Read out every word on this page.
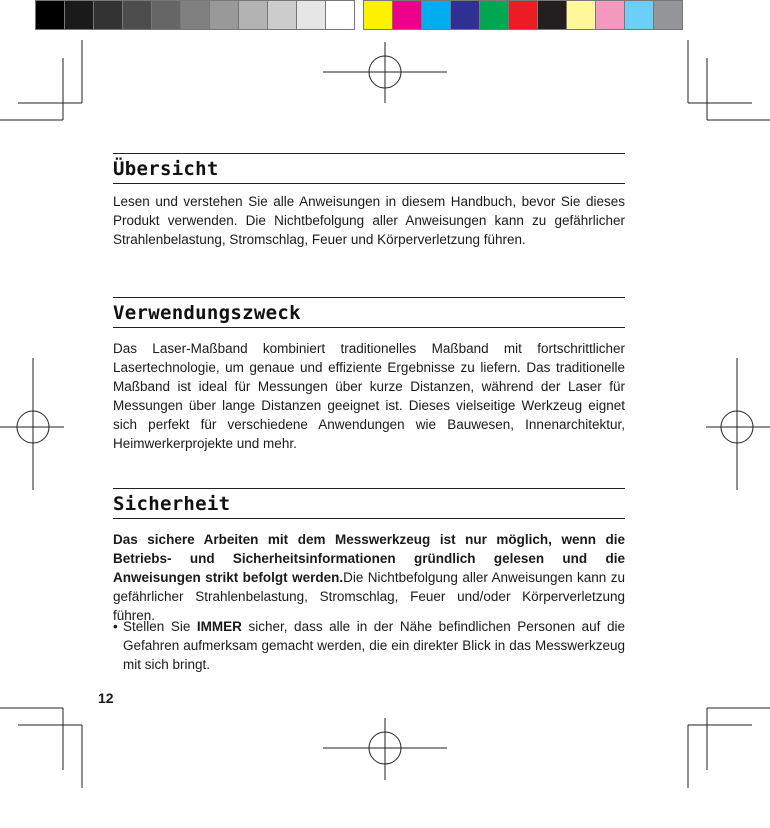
Übersicht

Lesen und verstehen Sie alle Anweisungen in diesem Handbuch, bevor Sie dieses Produkt verwenden. Die Nichtbefolgung aller Anweisungen kann zu gefährlicher Strahlenbelastung, Stromschlag, Feuer und Körperverletzung führen.

Verwendungszweck

Das Laser-Maßband kombiniert traditionelles Maßband mit fortschrittlicher Lasertechnologie, um genaue und effiziente Ergebnisse zu liefern. Das traditionelle Maßband ist ideal für Messungen über kurze Distanzen, während der Laser für Messungen über lange Distanzen geeignet ist. Dieses vielseitige Werkzeug eignet sich perfekt für verschiedene Anwendungen wie Bauwesen, Innenarchitektur, Heimwerkerprojekte und mehr.

Sicherheit

Das sichere Arbeiten mit dem Messwerkzeug ist nur möglich, wenn die Betriebs- und Sicherheitsinformationen gründlich gelesen und die Anweisungen strikt befolgt werden.Die Nichtbefolgung aller Anweisungen kann zu gefährlicher Strahlenbelastung, Stromschlag, Feuer und/oder Körperverletzung führen.

• Stellen Sie IMMER sicher, dass alle in der Nähe befindlichen Personen auf die Gefahren aufmerksam gemacht werden, die ein direkter Blick in das Messwerkzeug mit sich bringt.

12
